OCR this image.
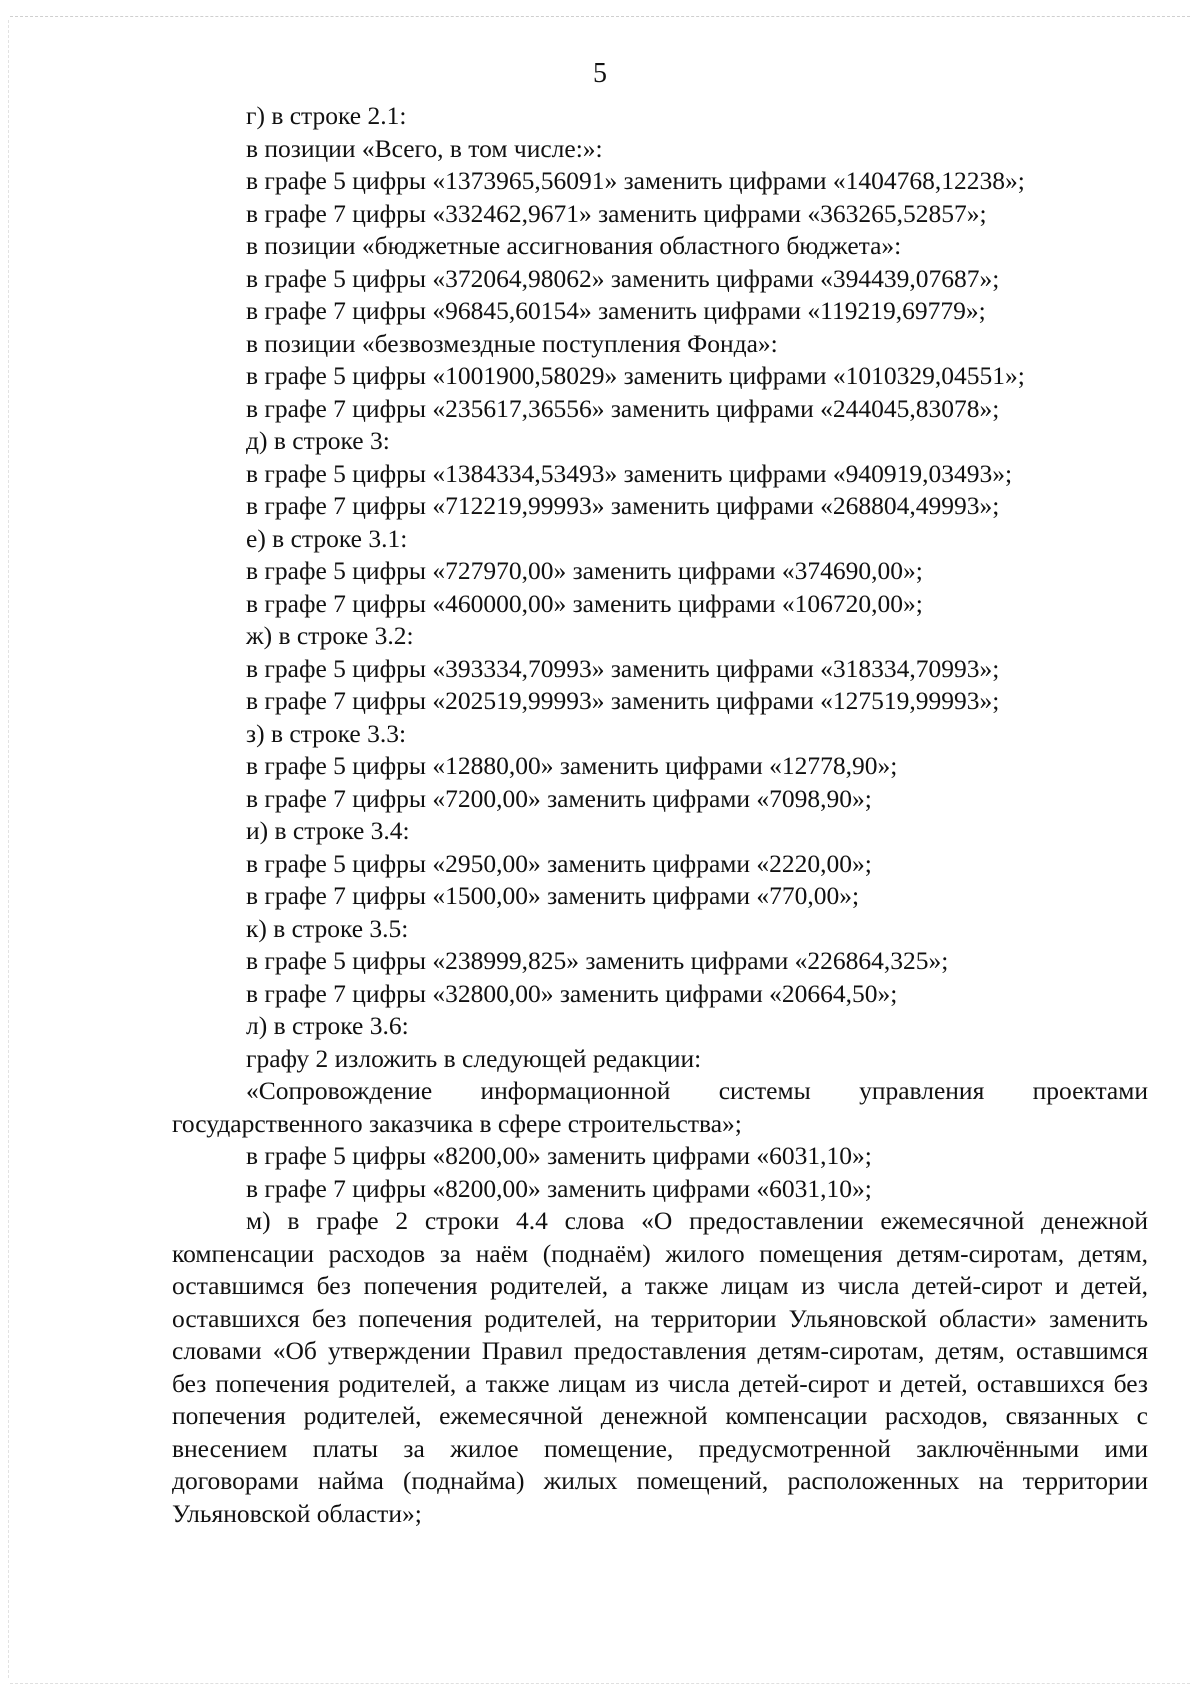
5
г) в строке 2.1:
в позиции «Всего, в том числе:»:
в графе 5 цифры «1373965,56091» заменить цифрами «1404768,12238»;
в графе 7 цифры «332462,9671» заменить цифрами «363265,52857»;
в позиции «бюджетные ассигнования областного бюджета»:
в графе 5 цифры «372064,98062» заменить цифрами «394439,07687»;
в графе 7 цифры «96845,60154» заменить цифрами «119219,69779»;
в позиции «безвозмездные поступления Фонда»:
в графе 5 цифры «1001900,58029» заменить цифрами «1010329,04551»;
в графе 7 цифры «235617,36556» заменить цифрами «244045,83078»;
д) в строке 3:
в графе 5 цифры «1384334,53493» заменить цифрами «940919,03493»;
в графе 7 цифры «712219,99993» заменить цифрами «268804,49993»;
е) в строке 3.1:
в графе 5 цифры «727970,00» заменить цифрами «374690,00»;
в графе 7 цифры «460000,00» заменить цифрами «106720,00»;
ж) в строке 3.2:
в графе 5 цифры «393334,70993» заменить цифрами «318334,70993»;
в графе 7 цифры «202519,99993» заменить цифрами «127519,99993»;
з) в строке 3.3:
в графе 5 цифры «12880,00» заменить цифрами «12778,90»;
в графе 7 цифры «7200,00» заменить цифрами «7098,90»;
и) в строке 3.4:
в графе 5 цифры «2950,00» заменить цифрами «2220,00»;
в графе 7 цифры «1500,00» заменить цифрами «770,00»;
к) в строке 3.5:
в графе 5 цифры «238999,825» заменить цифрами «226864,325»;
в графе 7 цифры «32800,00» заменить цифрами «20664,50»;
л) в строке 3.6:
графу 2 изложить в следующей редакции:

«Сопровождение информационной системы управления проектами государственного заказчика в сфере строительства»;

в графе 5 цифры «8200,00» заменить цифрами «6031,10»;
в графе 7 цифры «8200,00» заменить цифрами «6031,10»;

м) в графе 2 строки 4.4 слова «О предоставлении ежемесячной денежной компенсации расходов за наём (поднаём) жилого помещения детям-сиротам, детям, оставшимся без попечения родителей, а также лицам из числа детей-сирот и детей, оставшихся без попечения родителей, на территории Ульяновской области» заменить словами «Об утверждении Правил предоставления детям-сиротам, детям, оставшимся без попечения родителей, а также лицам из числа детей-сирот и детей, оставшихся без попечения родителей, ежемесячной денежной компенсации расходов, связанных с внесением платы за жилое помещение, предусмотренной заключёнными ими договорами найма (поднайма) жилых помещений, расположенных на территории Ульяновской области»;
